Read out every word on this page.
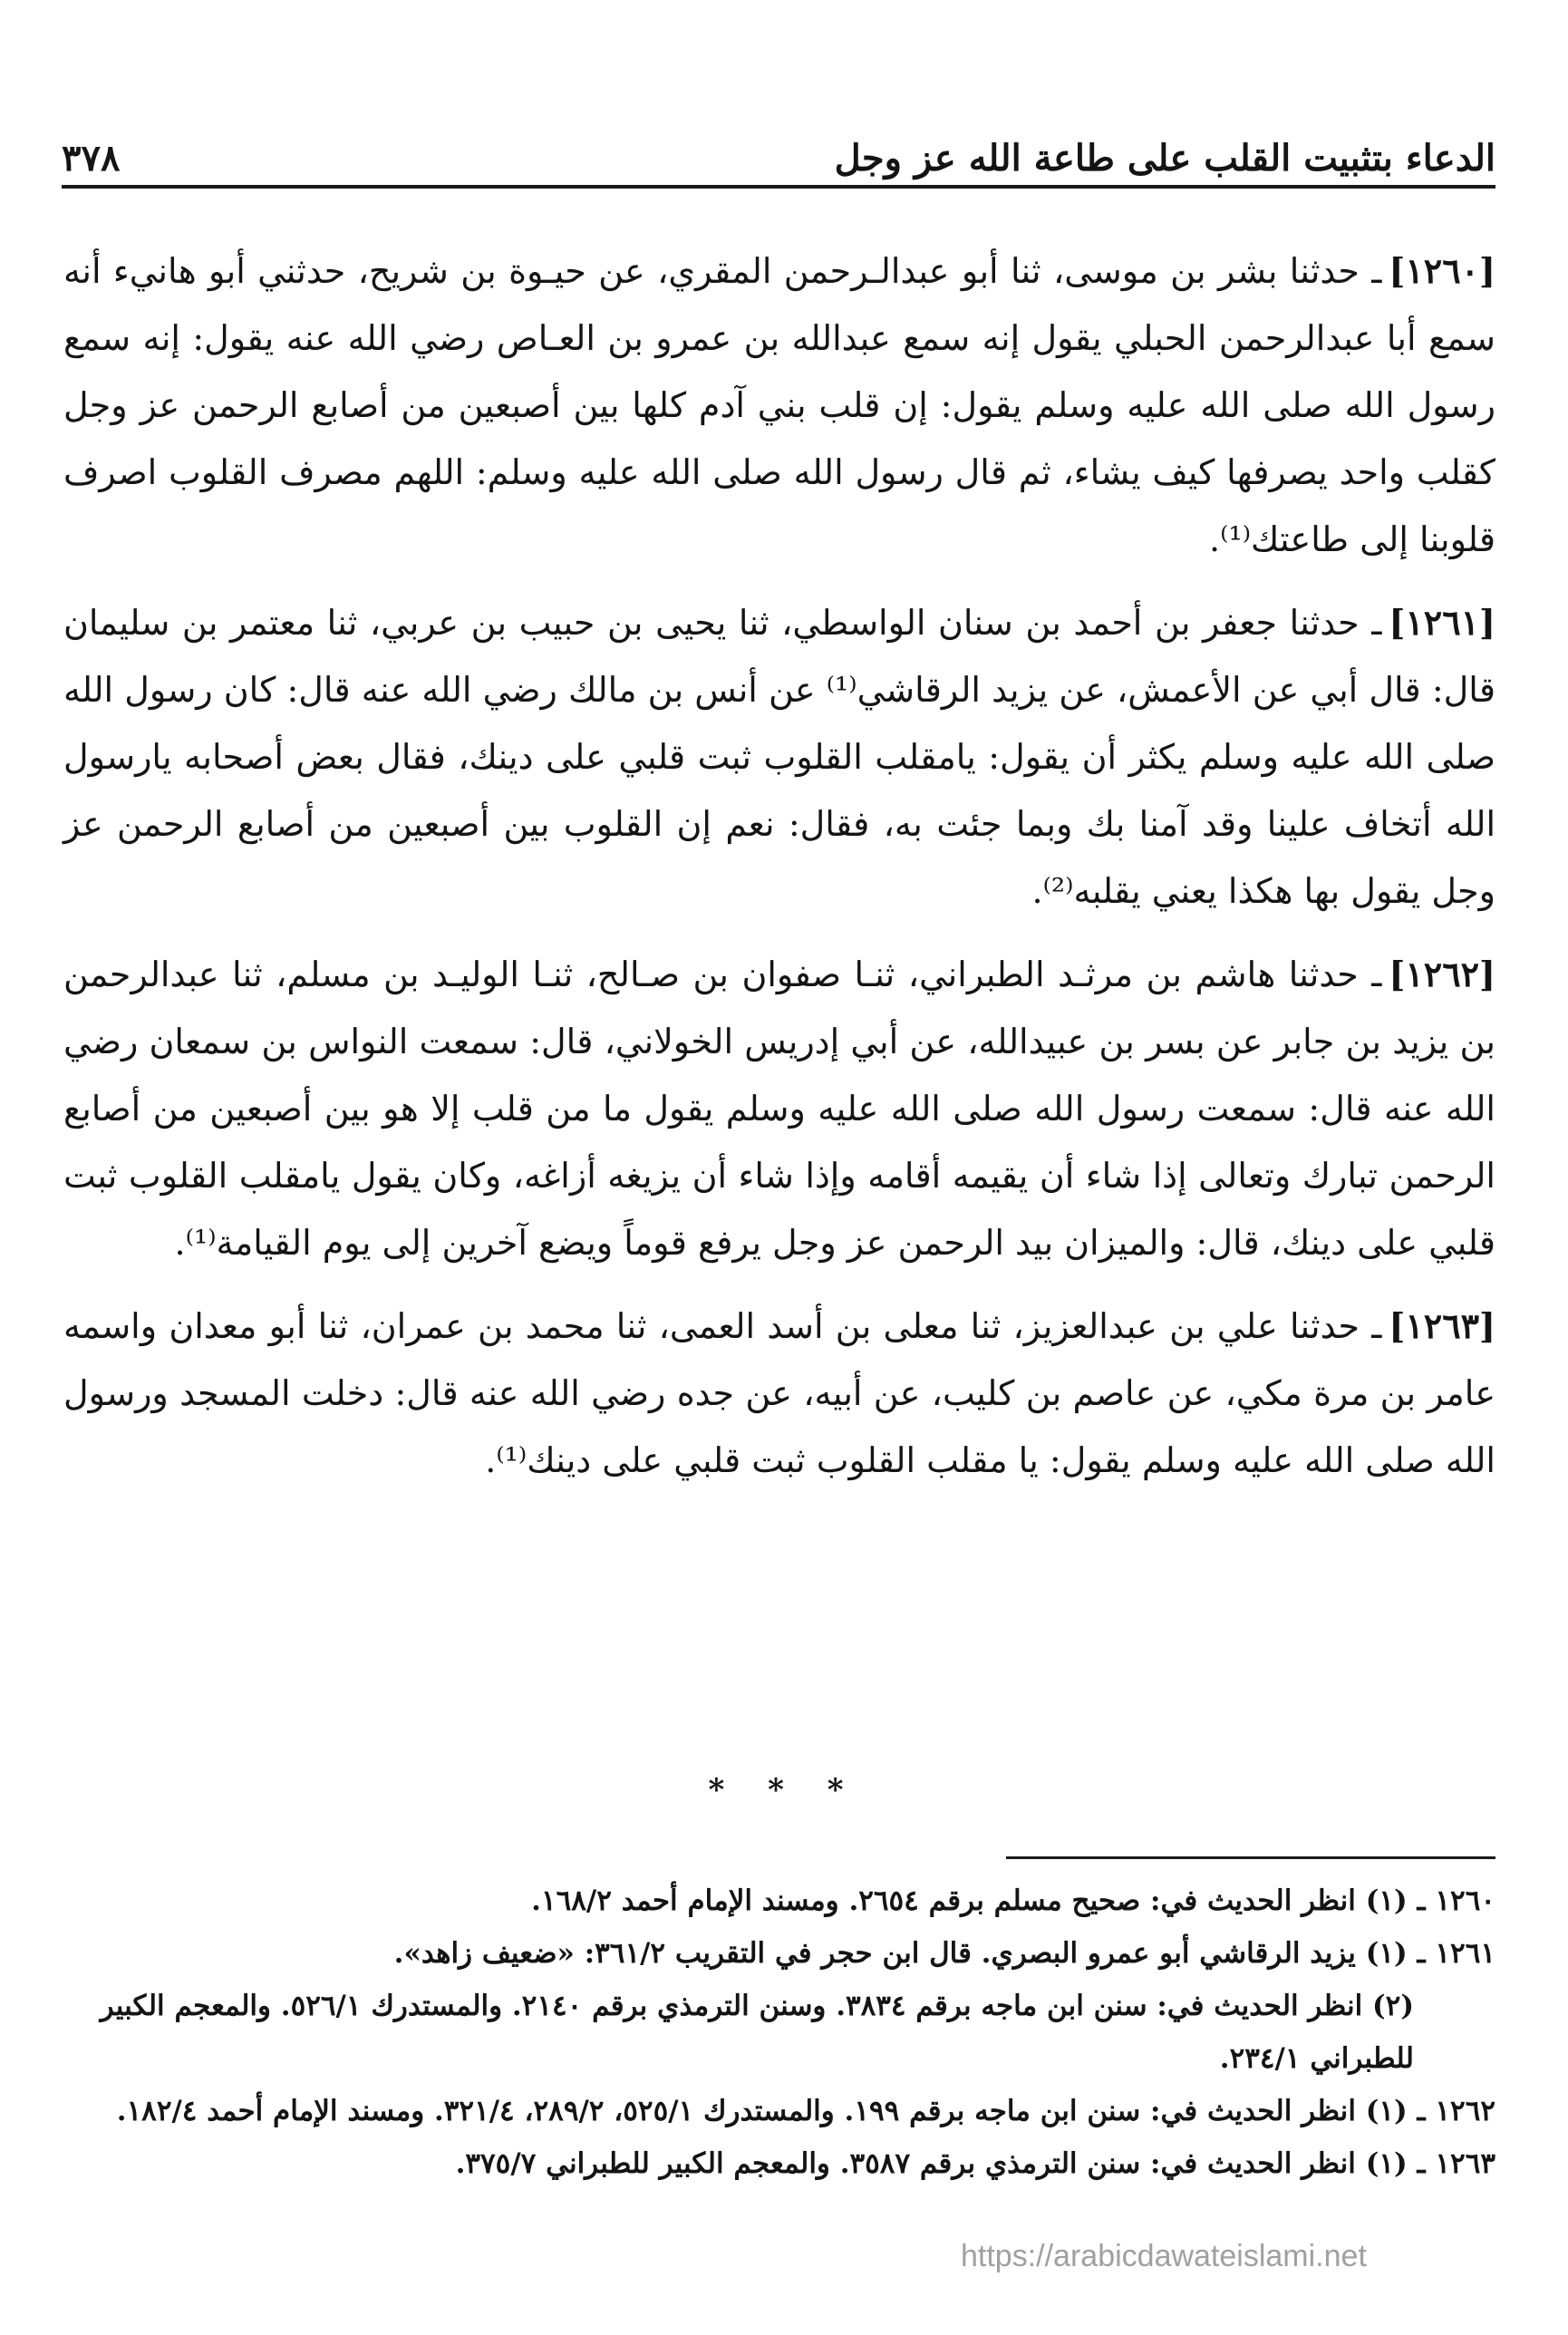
الدعاء بتثبيت القلب على طاعة الله عز وجل
٣٧٨

[١٢٦٠]ـ حدثنا بشر بن موسى، ثنا أبو عبدالـرحمن المقري، عن حيـوة بن شريح، حدثني أبو هانيء أنه سمع أبا عبدالرحمن الحبلي يقول إنه سمع عبدالله بن عمرو بن العـاص رضي الله عنه يقول: إنه سمع رسول الله صلى الله عليه وسلم يقول: إن قلب بني آدم كلها بين أصبعين من أصابع الرحمن عز وجل كقلب واحد يصرفها كيف يشاء، ثم قال رسول الله صلى الله عليه وسلم: اللهم مصرف القلوب اصرف قلوبنا إلى طاعتك⁽¹⁾.

[١٢٦١]ـ حدثنا جعفر بن أحمد بن سنان الواسطي، ثنا يحيى بن حبيب بن عربي، ثنا معتمر بن سليمان قال: قال أبي عن الأعمش، عن يزيد الرقاشي⁽¹⁾ عن أنس بن مالك رضي الله عنه قال: كان رسول الله صلى الله عليه وسلم يكثر أن يقول: يامقلب القلوب ثبت قلبي على دينك، فقال بعض أصحابه يارسول الله أتخاف علينا وقد آمنا بك وبما جئت به، فقال: نعم إن القلوب بين أصبعين من أصابع الرحمن عز وجل يقول بها هكذا يعني يقلبه⁽²⁾.

[١٢٦٢]ـ حدثنا هاشم بن مرثـد الطبراني، ثنـا صفوان بن صـالح، ثنـا الوليـد بن مسلم، ثنا عبدالرحمن بن يزيد بن جابر عن بسر بن عبيدالله، عن أبي إدريس الخولاني، قال: سمعت النواس بن سمعان رضي الله عنه قال: سمعت رسول الله صلى الله عليه وسلم يقول ما من قلب إلا هو بين أصبعين من أصابع الرحمن تبارك وتعالى إذا شاء أن يقيمه أقامه وإذا شاء أن يزيغه أزاغه، وكان يقول يامقلب القلوب ثبت قلبي على دينك، قال: والميزان بيد الرحمن عز وجل يرفع قوماً ويضع آخرين إلى يوم القيامة⁽¹⁾.

[١٢٦٣]ـ حدثنا علي بن عبدالعزيز، ثنا معلى بن أسد العمى، ثنا محمد بن عمران، ثنا أبو معدان واسمه عامر بن مرة مكي، عن عاصم بن كليب، عن أبيه، عن جده رضي الله عنه قال: دخلت المسجد ورسول الله صلى الله عليه وسلم يقول: يا مقلب القلوب ثبت قلبي على دينك⁽¹⁾.

* * *

١٢٦٠ ـ (١) انظر الحديث في: صحيح مسلم برقم ٢٦٥٤. ومسند الإمام أحمد ١٦٨/٢.

١٢٦١ ـ (١) يزيد الرقاشي أبو عمرو البصري. قال ابن حجر في التقريب ٣٦١/٢: «ضعيف زاهد».

(٢) انظر الحديث في: سنن ابن ماجه برقم ٣٨٣٤. وسنن الترمذي برقم ٢١٤٠. والمستدرك ٥٢٦/١. والمعجم الكبير للطبراني ٢٣٤/١.

١٢٦٢ ـ (١) انظر الحديث في: سنن ابن ماجه برقم ١٩٩. والمستدرك ٥٢٥/١، ٢٨٩/٢، ٣٢١/٤. ومسند الإمام أحمد ١٨٢/٤.

١٢٦٣ ـ (١) انظر الحديث في: سنن الترمذي برقم ٣٥٨٧. والمعجم الكبير للطبراني ٣٧٥/٧.

https://arabicdawateislami.net
